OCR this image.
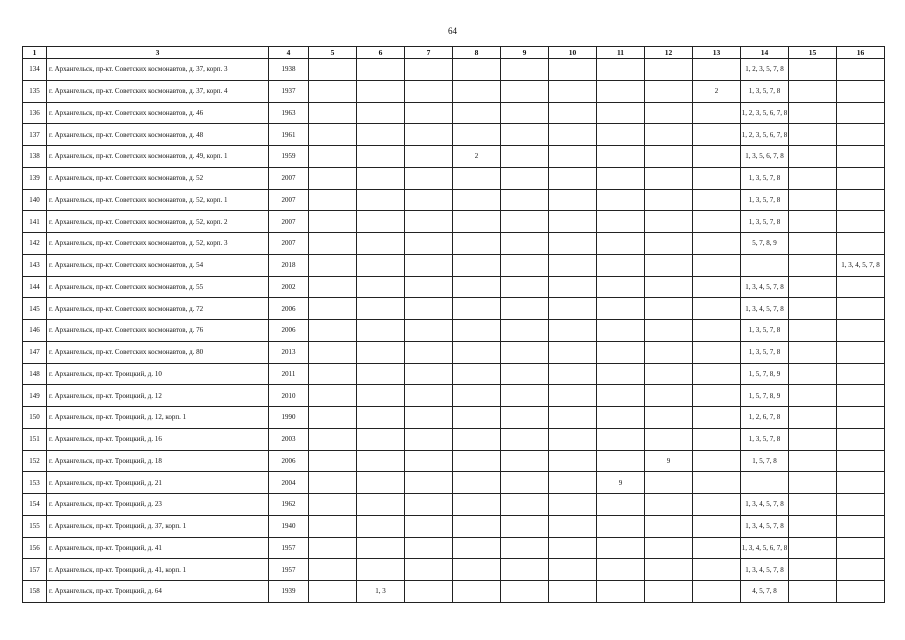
64
1	3	4	5	6	7	8	9	10	11	12	13	14	15	16
134	г. Архангельск, пр-кт. Советских космонавтов, д. 37, корп. 3	1938										1, 2, 3, 5, 7, 8		
135	г. Архангельск, пр-кт. Советских космонавтов, д. 37, корп. 4	1937									2	1, 3, 5, 7, 8		
136	г. Архангельск, пр-кт. Советских космонавтов, д. 46	1963										1, 2, 3, 5, 6, 7, 8		
137	г. Архангельск, пр-кт. Советских космонавтов, д. 48	1961										1, 2, 3, 5, 6, 7, 8		
138	г. Архангельск, пр-кт. Советских космонавтов, д. 49, корп. 1	1959				2						1, 3, 5, 6, 7, 8		
139	г. Архангельск, пр-кт. Советских космонавтов, д. 52	2007										1, 3, 5, 7, 8		
140	г. Архангельск, пр-кт. Советских космонавтов, д. 52, корп. 1	2007										1, 3, 5, 7, 8		
141	г. Архангельск, пр-кт. Советских космонавтов, д. 52, корп. 2	2007										1, 3, 5, 7, 8		
142	г. Архангельск, пр-кт. Советских космонавтов, д. 52, корп. 3	2007										5, 7, 8, 9		
143	г. Архангельск, пр-кт. Советских космонавтов, д. 54	2018												1, 3, 4, 5, 7, 8
144	г. Архангельск, пр-кт. Советских космонавтов, д. 55	2002										1, 3, 4, 5, 7, 8		
145	г. Архангельск, пр-кт. Советских космонавтов, д. 72	2006										1, 3, 4, 5, 7, 8		
146	г. Архангельск, пр-кт. Советских космонавтов, д. 76	2006										1, 3, 5, 7, 8		
147	г. Архангельск, пр-кт. Советских космонавтов, д. 80	2013										1, 3, 5, 7, 8		
148	г. Архангельск, пр-кт. Троицкий, д. 10	2011										1, 5, 7, 8, 9		
149	г. Архангельск, пр-кт. Троицкий, д. 12	2010										1, 5, 7, 8, 9		
150	г. Архангельск, пр-кт. Троицкий, д. 12, корп. 1	1990										1, 2, 6, 7, 8		
151	г. Архангельск, пр-кт. Троицкий, д. 16	2003										1, 3, 5, 7, 8		
152	г. Архангельск, пр-кт. Троицкий, д. 18	2006								9		1, 5, 7, 8		
153	г. Архангельск, пр-кт. Троицкий, д. 21	2004							9					
154	г. Архангельск, пр-кт. Троицкий, д. 23	1962										1, 3, 4, 5, 7, 8		
155	г. Архангельск, пр-кт. Троицкий, д. 37, корп. 1	1940										1, 3, 4, 5, 7, 8		
156	г. Архангельск, пр-кт. Троицкий, д. 41	1957										1, 3, 4, 5, 6, 7, 8		
157	г. Архангельск, пр-кт. Троицкий, д. 41, корп. 1	1957										1, 3, 4, 5, 7, 8		
158	г. Архангельск, пр-кт. Троицкий, д. 64	1939		1, 3								4, 5, 7, 8		
